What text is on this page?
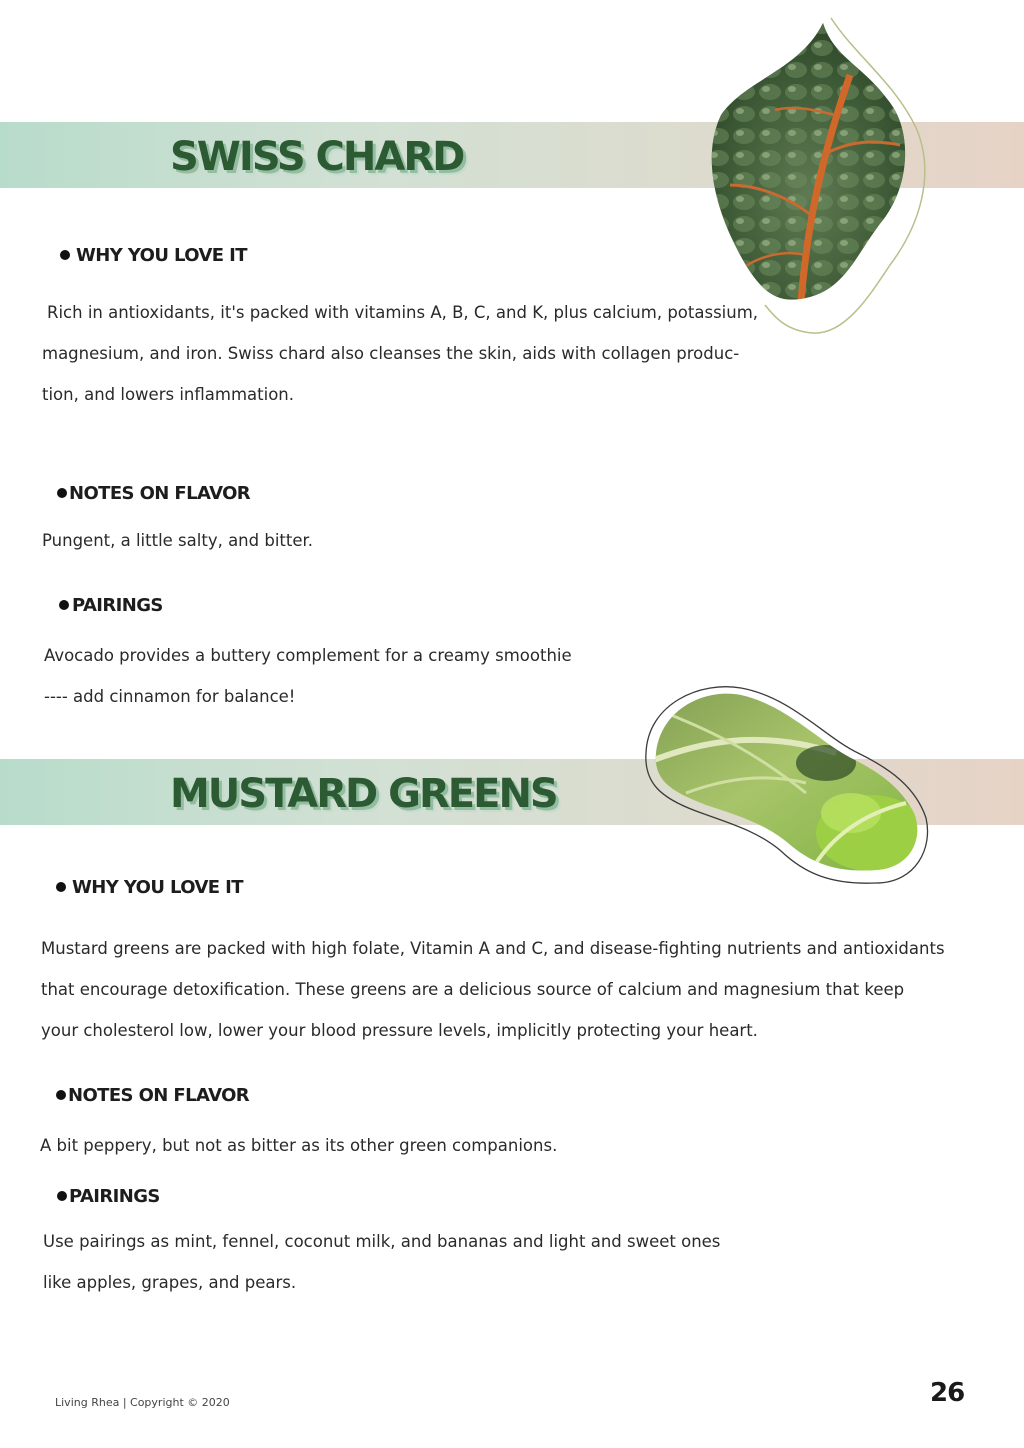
SWISS CHARD
WHY YOU LOVE IT

Rich in antioxidants, it's packed with vitamins A, B, C, and K, plus calcium, potassium,
magnesium, and iron. Swiss chard also cleanses the skin, aids with collagen produc-
tion, and lowers inflammation.

NOTES ON FLAVOR

Pungent, a little salty, and bitter.

PAIRINGS

Avocado provides a buttery complement for a creamy smoothie
---- add cinnamon for balance!

MUSTARD GREENS
WHY YOU LOVE IT

Mustard greens are packed with high folate, Vitamin A and C, and disease-fighting nutrients and antioxidants
that encourage detoxification. These greens are a delicious source of calcium and magnesium that keep
your cholesterol low, lower your blood pressure levels, implicitly protecting your heart.

NOTES ON FLAVOR

A bit peppery, but not as bitter as its other green companions.

PAIRINGS

Use pairings as mint, fennel, coconut milk, and bananas and light and sweet ones
like apples, grapes, and pears.

Living Rhea | Copyright © 2020	26
